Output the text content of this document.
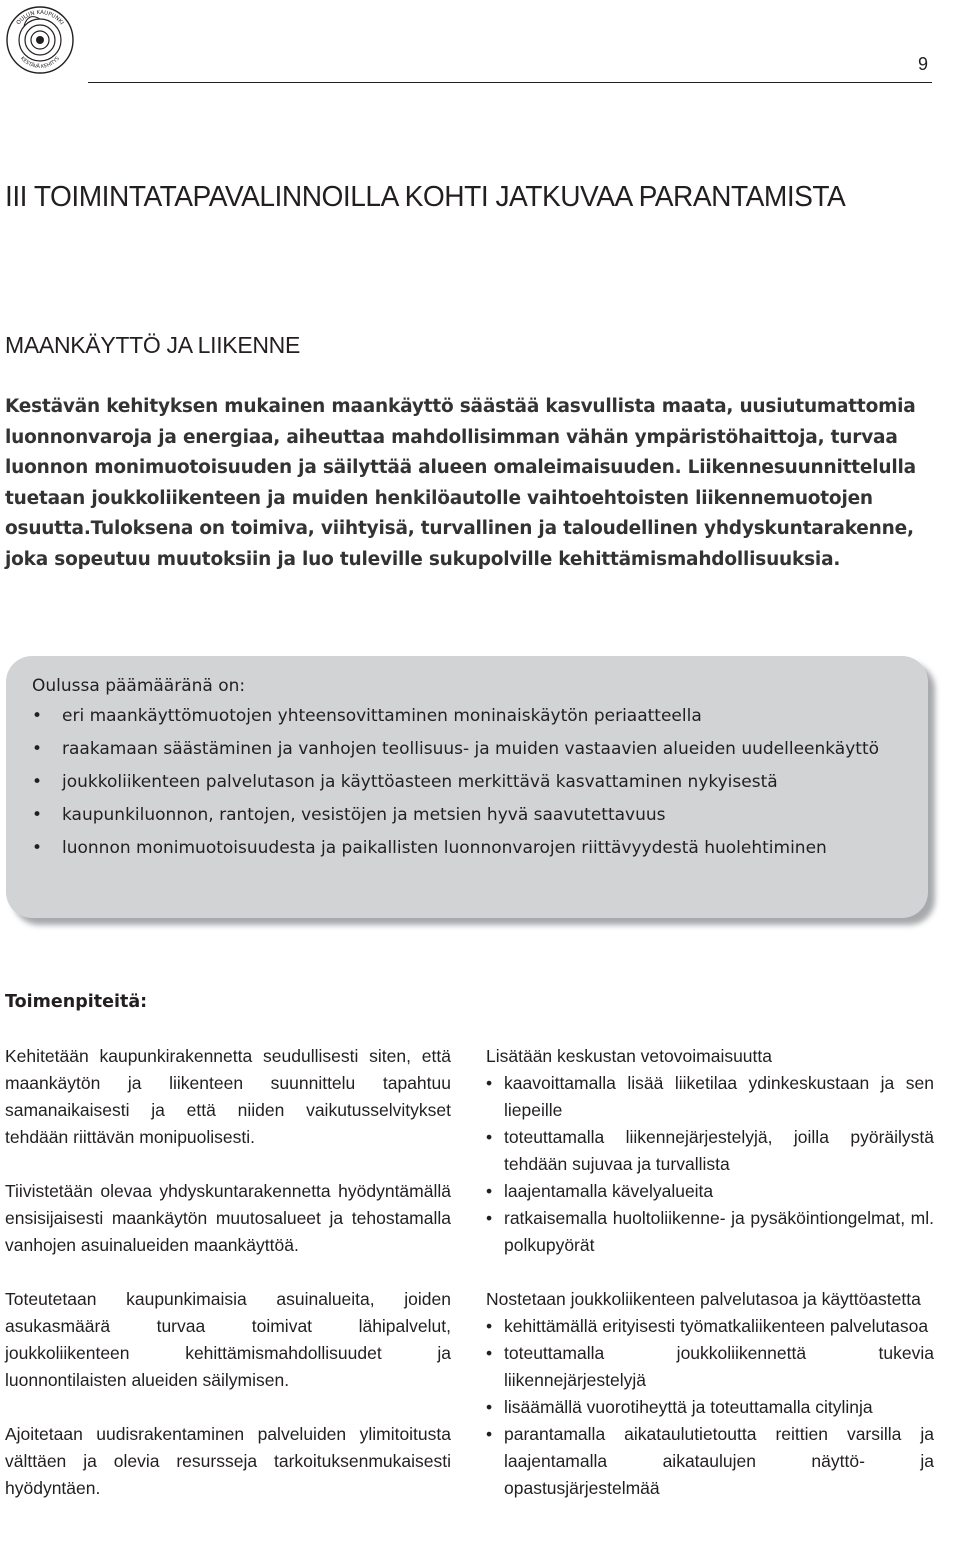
OULUN KAUPUNKI
KESTÄVÄ KEHITYS	9
III TOIMINTATAPAVALINNOILLA KOHTI JATKUVAA PARANTAMISTA
MAANKÄYTTÖ JA LIIKENNE

Kestävän kehityksen mukainen maankäyttö säästää kasvullista maata, uusiutumattomia luonnonvaroja ja energiaa, aiheuttaa mahdollisimman vähän ympäristöhaittoja, turvaa luonnon monimuotoisuuden ja säilyttää alueen omaleimaisuuden. Liikennesuunnittelulla tuetaan joukkoliikenteen ja muiden henkilöautolle vaihtoehtoisten liikennemuotojen osuutta.Tuloksena on toimiva, viihtyisä, turvallinen ja taloudellinen yhdyskuntarakenne, joka sopeutuu muutoksiin ja luo tuleville sukupolville kehittämismahdollisuuksia.

Oulussa päämääränä on:

• eri maankäyttömuotojen yhteensovittaminen moninaiskäytön periaatteella
• raakamaan säästäminen ja vanhojen teollisuus- ja muiden vastaavien alueiden uudelleenkäyttö
• joukkoliikenteen palvelutason ja käyttöasteen merkittävä kasvattaminen nykyisestä
• kaupunkiluonnon, rantojen, vesistöjen ja metsien hyvä saavutettavuus
• luonnon monimuotoisuudesta ja paikallisten luonnonvarojen riittävyydestä huolehtiminen
Toimenpiteitä:

Kehitetään kaupunkirakennetta seudullisesti siten, että maankäytön ja liikenteen suunnittelu tapahtuu samanaikaisesti ja että niiden vaikutusselvitykset tehdään riittävän monipuolisesti.

Tiivistetään olevaa yhdyskuntarakennetta hyödyntämällä ensisijaisesti maankäytön muutosalueet ja tehostamalla vanhojen asuinalueiden maankäyttöä.

Toteutetaan kaupunkimaisia asuinalueita, joiden asukasmäärä turvaa toimivat lähipalvelut, joukkoliikenteen kehittämismahdollisuudet ja luonnontilaisten alueiden säilymisen.

Ajoitetaan uudisrakentaminen palveluiden ylimitoitusta välttäen ja olevia resursseja tarkoituksenmukaisesti hyödyntäen.

Lisätään keskustan vetovoimaisuutta
• kaavoittamalla lisää liiketilaa ydinkeskustaan ja sen liepeille
• toteuttamalla liikennejärjestelyjä, joilla pyöräilystä tehdään sujuvaa ja turvallista
• laajentamalla kävelyalueita
• ratkaisemalla huoltoliikenne- ja pysäköintiongelmat, ml. polkupyörät
Nostetaan joukkoliikenteen palvelutasoa ja käyttöastetta
• kehittämällä erityisesti työmatkaliikenteen palvelutasoa
• toteuttamalla joukkoliikennettä tukevia liikennejärjestelyjä
• lisäämällä vuorotiheyttä ja toteuttamalla citylinja
• parantamalla aikataulutietoutta reittien varsilla ja laajentamalla aikataulujen näyttö- ja opastusjärjestelmää
